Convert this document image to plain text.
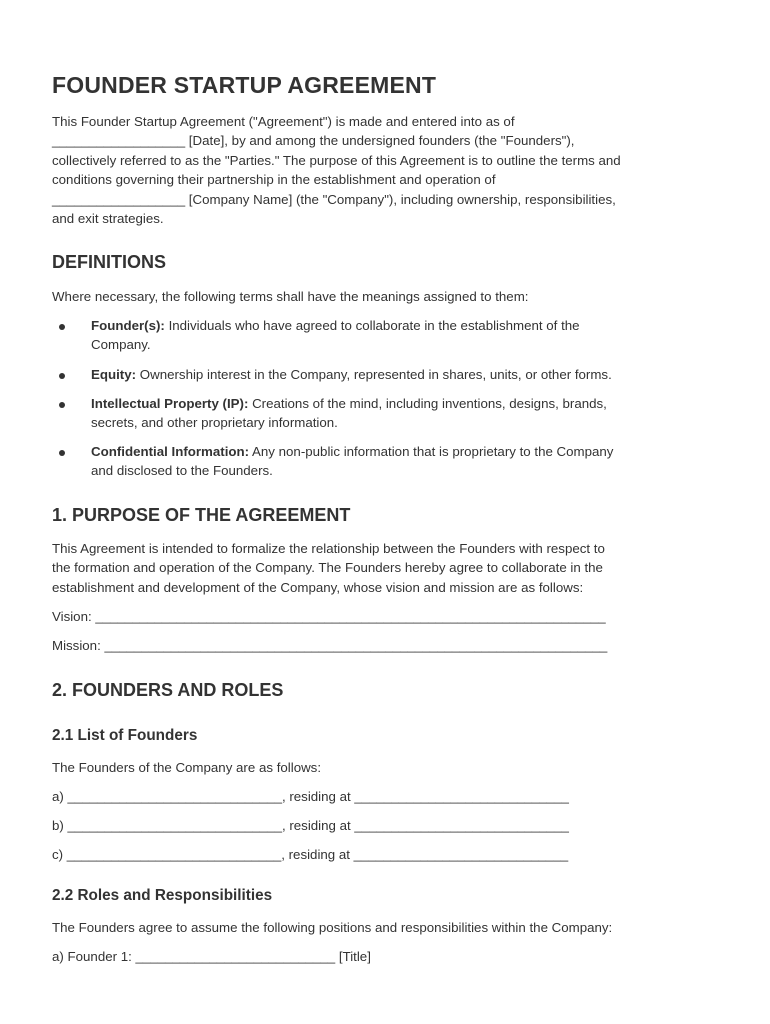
FOUNDER STARTUP AGREEMENT
This Founder Startup Agreement ("Agreement") is made and entered into as of
__________________ [Date], by and among the undersigned founders (the "Founders"),
collectively referred to as the "Parties." The purpose of this Agreement is to outline the terms and
conditions governing their partnership in the establishment and operation of
__________________ [Company Name] (the "Company"), including ownership, responsibilities,
and exit strategies.
DEFINITIONS
Where necessary, the following terms shall have the meanings assigned to them:
Founder(s): Individuals who have agreed to collaborate in the establishment of the
Company.
Equity: Ownership interest in the Company, represented in shares, units, or other forms.
Intellectual Property (IP): Creations of the mind, including inventions, designs, brands,
secrets, and other proprietary information.
Confidential Information: Any non-public information that is proprietary to the Company
and disclosed to the Founders.
1. PURPOSE OF THE AGREEMENT
This Agreement is intended to formalize the relationship between the Founders with respect to
the formation and operation of the Company. The Founders hereby agree to collaborate in the
establishment and development of the Company, whose vision and mission are as follows:
Vision: _____________________________________________________________________
Mission: ____________________________________________________________________
2. FOUNDERS AND ROLES
2.1 List of Founders
The Founders of the Company are as follows:
a) _____________________________, residing at _____________________________
b) _____________________________, residing at _____________________________
c) _____________________________, residing at _____________________________
2.2 Roles and Responsibilities
The Founders agree to assume the following positions and responsibilities within the Company:
a) Founder 1: ___________________________ [Title]
